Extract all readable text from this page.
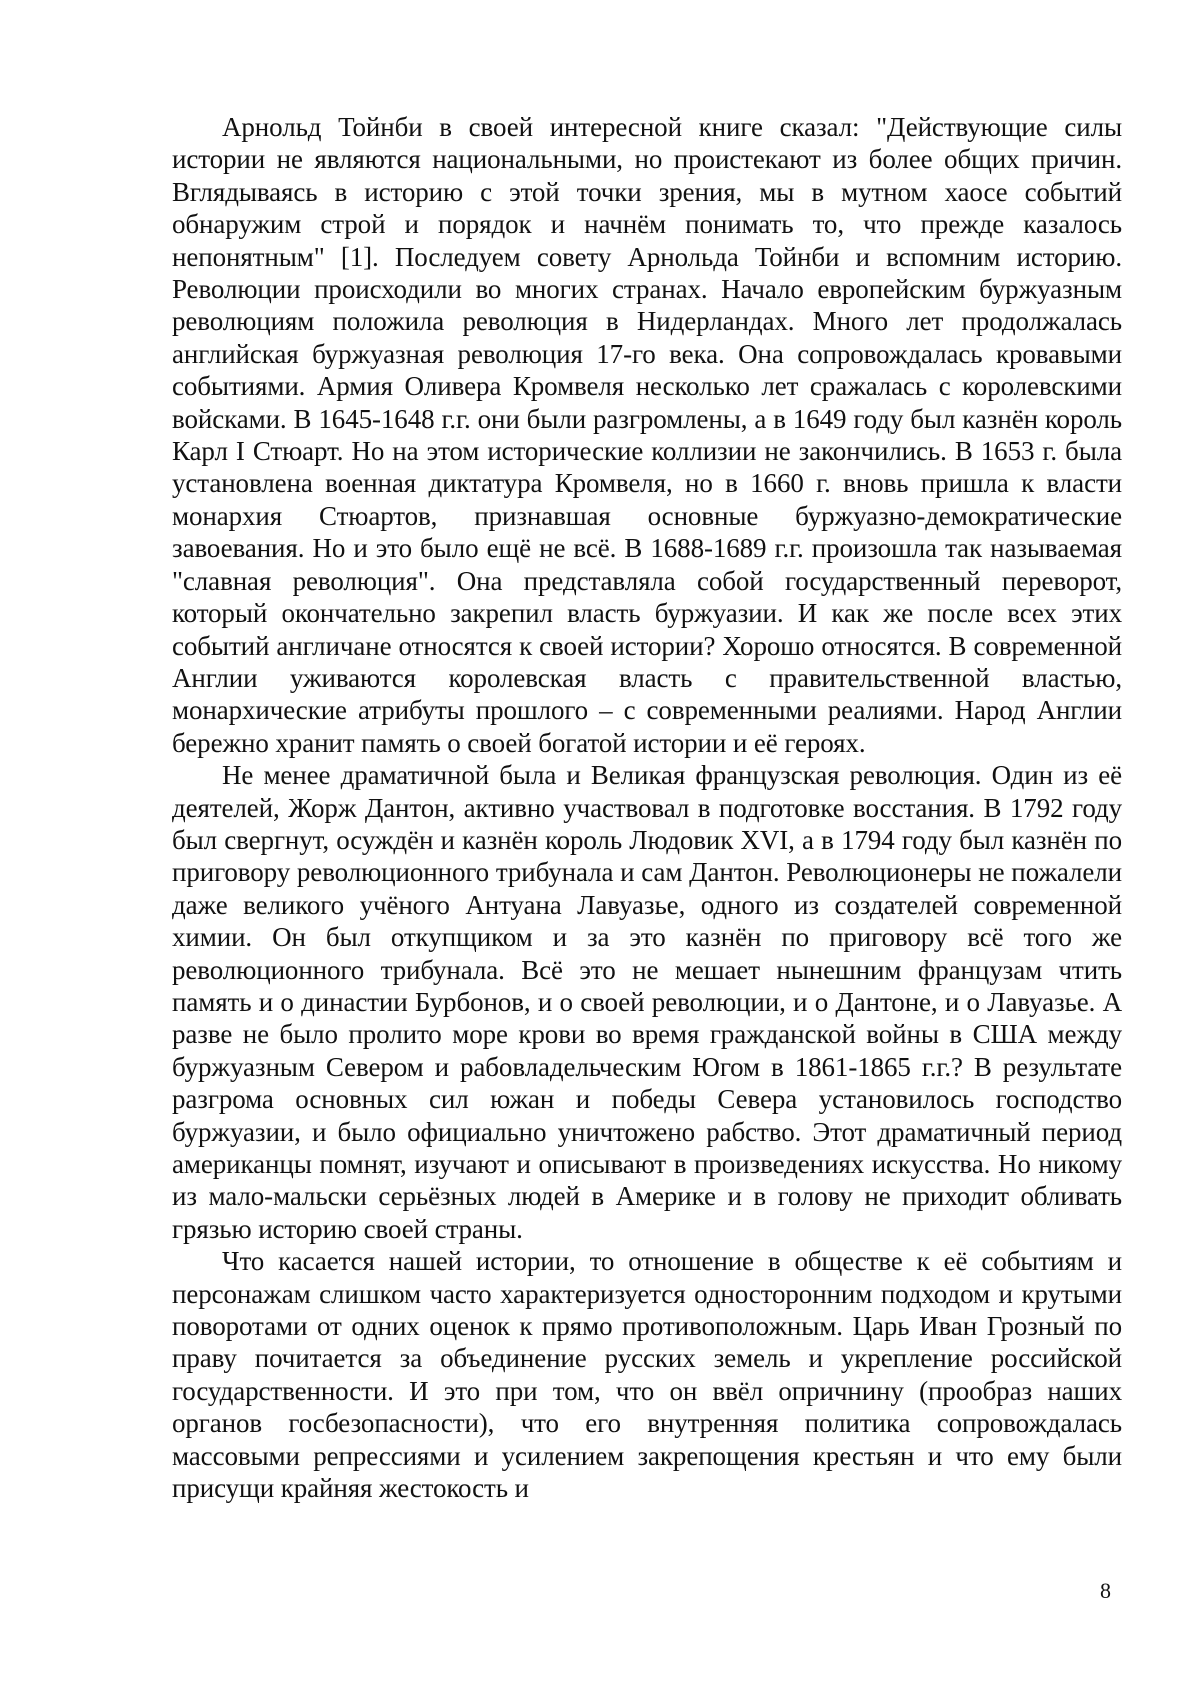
Арнольд Тойнби в своей интересной книге сказал: "Действующие силы истории не являются национальными, но проистекают из более общих причин. Вглядываясь в историю с этой точки зрения, мы в мутном хаосе событий обнаружим строй и порядок и начнём понимать то, что прежде казалось непонятным" [1]. Последуем совету Арнольда Тойнби и вспомним историю. Революции происходили во многих странах. Начало европейским буржуазным революциям положила революция в Нидерландах. Много лет продолжалась английская буржуазная революция 17-го века. Она сопровождалась кровавыми событиями. Армия Оливера Кромвеля несколько лет сражалась с королевскими войсками. В 1645-1648 г.г. они были разгромлены, а в 1649 году был казнён король Карл I Стюарт. Но на этом исторические коллизии не закончились. В 1653 г. была установлена военная диктатура Кромвеля, но в 1660 г. вновь пришла к власти монархия Стюартов, признавшая основные буржуазно-демократические завоевания. Но и это было ещё не всё. В 1688-1689 г.г. произошла так называемая "славная революция". Она представляла собой государственный переворот, который окончательно закрепил власть буржуазии. И как же после всех этих событий англичане относятся к своей истории? Хорошо относятся. В современной Англии уживаются королевская власть с правительственной властью, монархические атрибуты прошлого – с современными реалиями. Народ Англии бережно хранит память о своей богатой истории и её героях.

Не менее драматичной была и Великая французская революция. Один из её деятелей, Жорж Дантон, активно участвовал в подготовке восстания. В 1792 году был свергнут, осуждён и казнён король Людовик XVI, а в 1794 году был казнён по приговору революционного трибунала и сам Дантон. Революционеры не пожалели даже великого учёного Антуана Лавуазье, одного из создателей современной химии. Он был откупщиком и за это казнён по приговору всё того же революционного трибунала. Всё это не мешает нынешним французам чтить память и о династии Бурбонов, и о своей революции, и о Дантоне, и о Лавуазье. А разве не было пролито море крови во время гражданской войны в США между буржуазным Севером и рабовладельческим Югом в 1861-1865 г.г.? В результате разгрома основных сил южан и победы Севера установилось господство буржуазии, и было официально уничтожено рабство. Этот драматичный период американцы помнят, изучают и описывают в произведениях искусства. Но никому из мало-мальски серьёзных людей в Америке и в голову не приходит обливать грязью историю своей страны.

Что касается нашей истории, то отношение в обществе к её событиям и персонажам слишком часто характеризуется односторонним подходом и крутыми поворотами от одних оценок к прямо противоположным. Царь Иван Грозный по праву почитается за объединение русских земель и укрепление российской государственности. И это при том, что он ввёл опричнину (прообраз наших органов госбезопасности), что его внутренняя политика сопровождалась массовыми репрессиями и усилением закрепощения крестьян и что ему были присущи крайняя жестокость и

8
